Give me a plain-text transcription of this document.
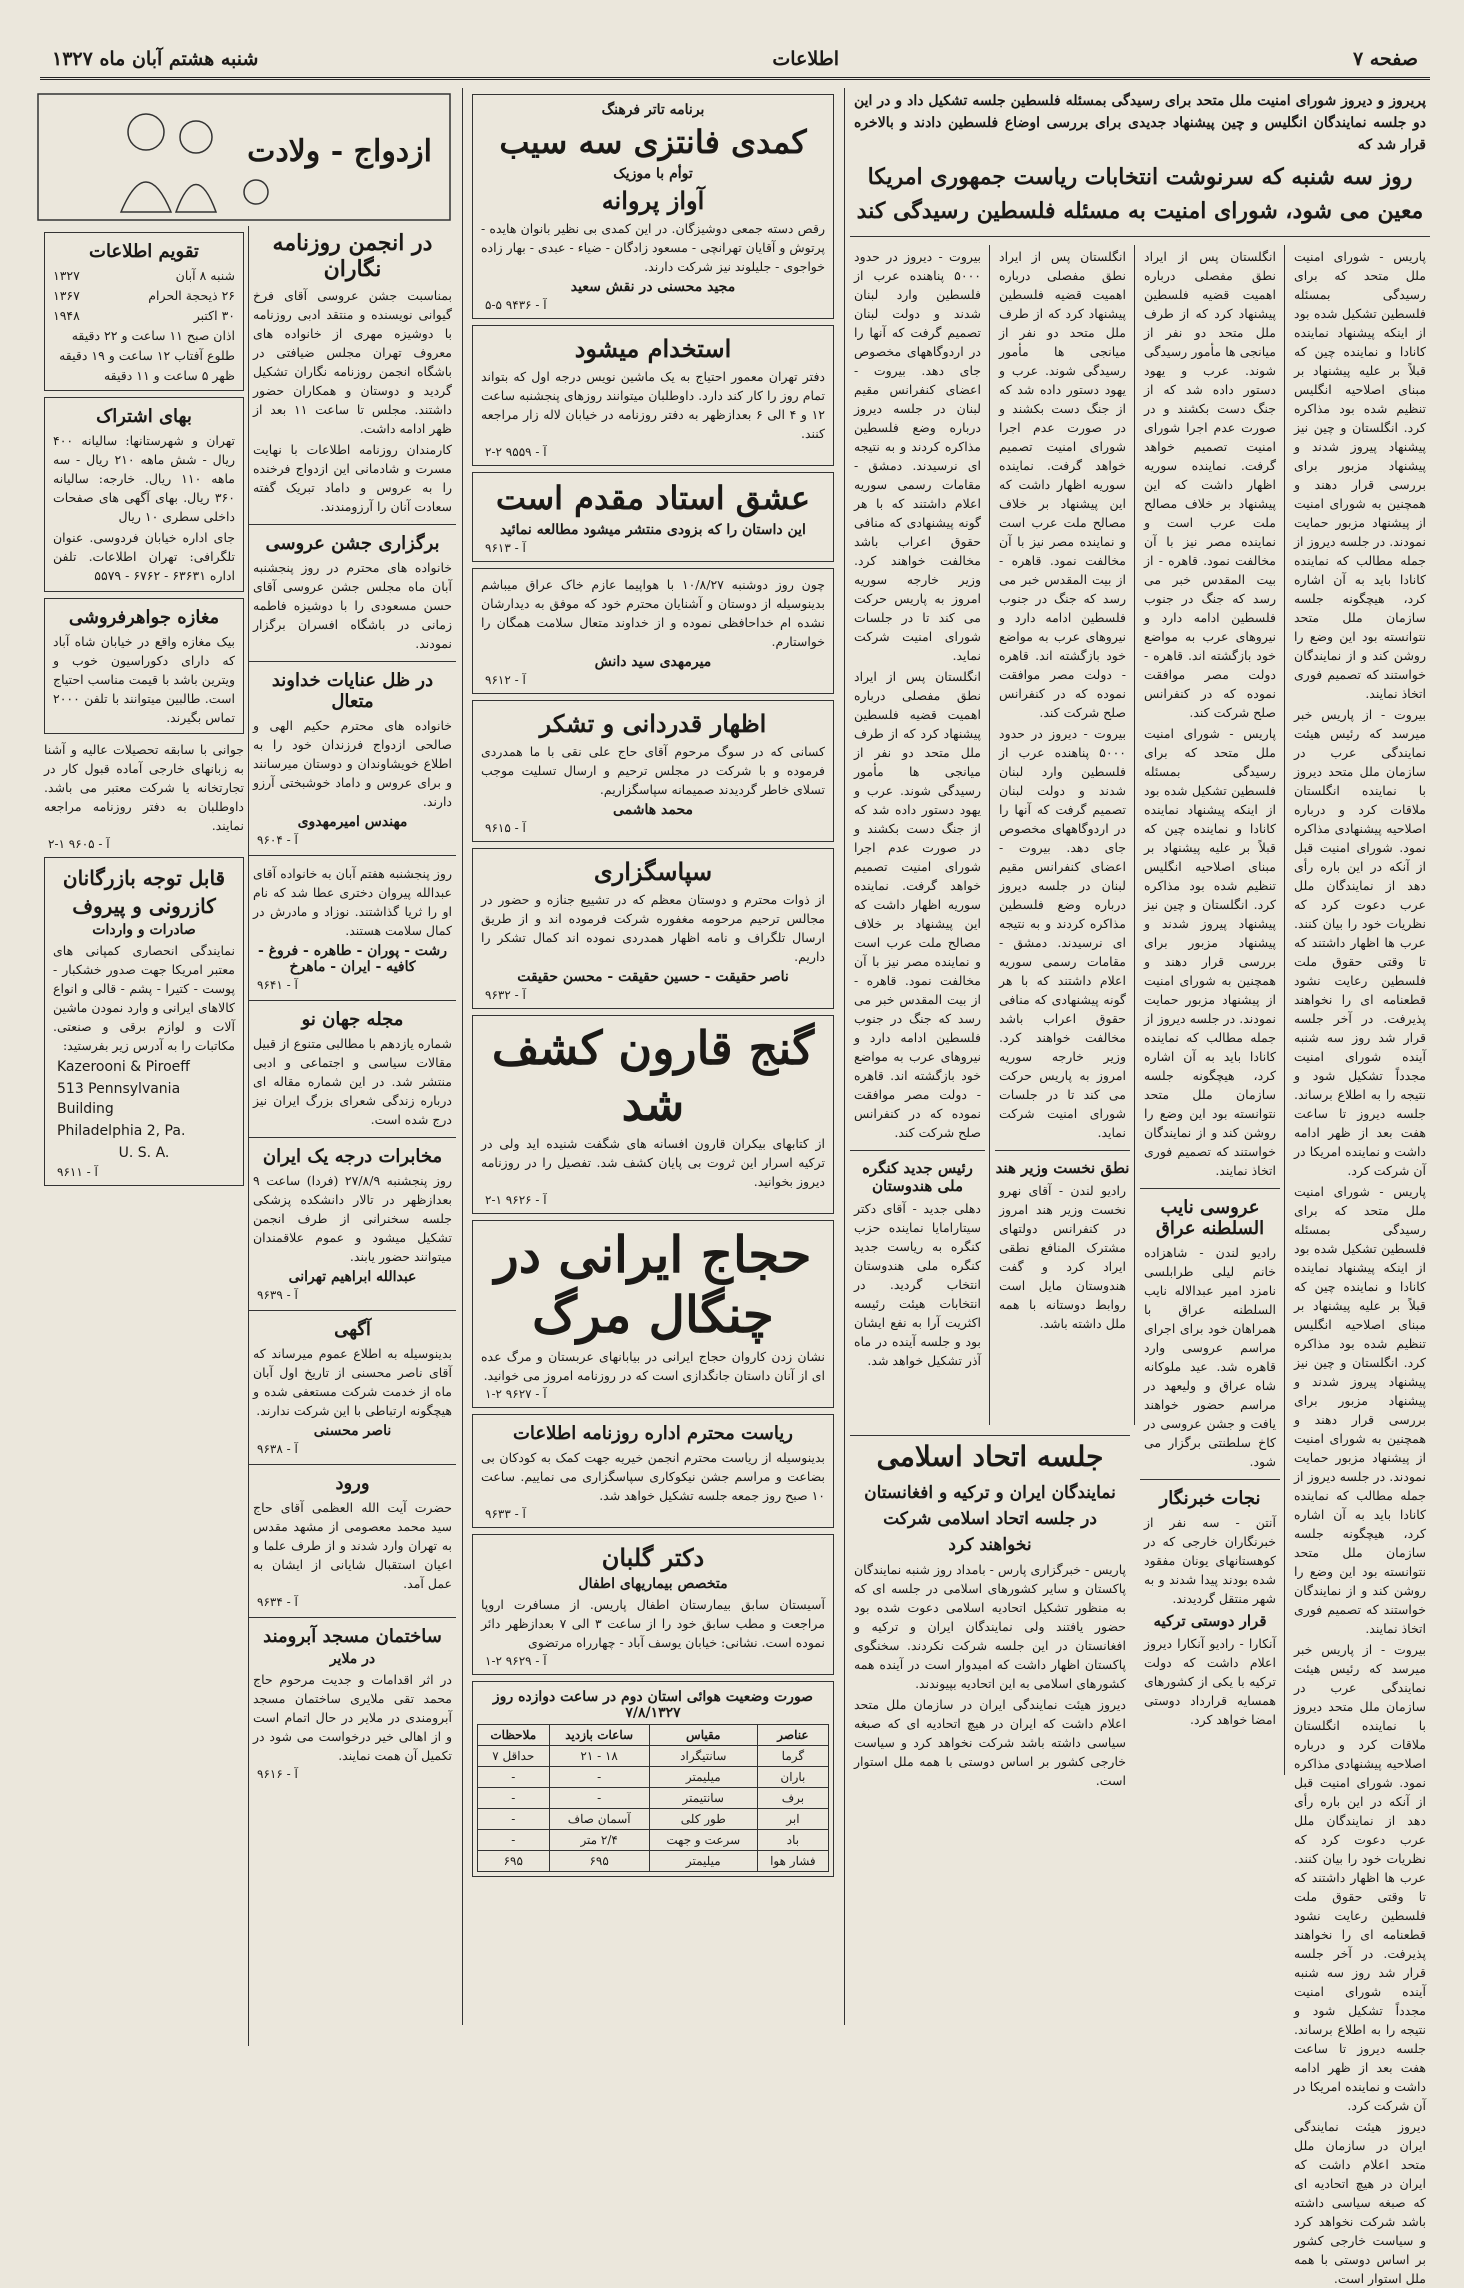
صفحه ۷
اطلاعات
شنبه هشتم آبان ماه ۱۳۲۷

پریروز و دیروز شورای امنیت ملل متحد برای رسیدگی بمسئله فلسطین جلسه تشکیل داد و در این دو جلسه نمایندگان انگلیس و چین پیشنهاد جدیدی برای بررسی اوضاع فلسطین دادند و بالاخره قرار شد که

روز سه شنبه که سرنوشت انتخابات ریاست جمهوری امریکا معین می شود، شورای امنیت به مسئله فلسطین رسیدگی کند

پاریس - شورای امنیت ملل متحد که برای رسیدگی بمسئله فلسطین تشکیل شده بود از اینکه پیشنهاد نماینده کانادا و نماینده چین که قبلاً بر علیه پیشنهاد بر مبنای اصلاحیه انگلیس تنظیم شده بود مذاکره کرد. انگلستان و چین نیز پیشنهاد پیروز شدند و پیشنهاد مزبور برای بررسی قرار دهند و همچنین به شورای امنیت از پیشنهاد مزبور حمایت نمودند. در جلسه دیروز از جمله مطالب که نماینده کانادا باید به آن اشاره کرد، هیچگونه جلسه سازمان ملل متحد نتوانسته بود این وضع را روشن کند و از نمایندگان خواستند که تصمیم فوری اتخاذ نمایند.

بیروت - از پاریس خبر میرسد که رئیس هیئت نمایندگی عرب در سازمان ملل متحد دیروز با نماینده انگلستان ملاقات کرد و درباره اصلاحیه پیشنهادی مذاکره نمود. شورای امنیت قبل از آنکه در این باره رأی دهد از نمایندگان ملل عرب دعوت کرد که نظریات خود را بیان کنند. عرب ها اظهار داشتند که تا وقتی حقوق ملت فلسطین رعایت نشود قطعنامه ای را نخواهند پذیرفت. در آخر جلسه قرار شد روز سه شنبه آینده شورای امنیت مجدداً تشکیل شود و نتیجه را به اطلاع برساند. جلسه دیروز تا ساعت هفت بعد از ظهر ادامه داشت و نماینده امریکا در آن شرکت کرد.

پاریس - شورای امنیت ملل متحد که برای رسیدگی بمسئله فلسطین تشکیل شده بود از اینکه پیشنهاد نماینده کانادا و نماینده چین که قبلاً بر علیه پیشنهاد بر مبنای اصلاحیه انگلیس تنظیم شده بود مذاکره کرد. انگلستان و چین نیز پیشنهاد پیروز شدند و پیشنهاد مزبور برای بررسی قرار دهند و همچنین به شورای امنیت از پیشنهاد مزبور حمایت نمودند. در جلسه دیروز از جمله مطالب که نماینده کانادا باید به آن اشاره کرد، هیچگونه جلسه سازمان ملل متحد نتوانسته بود این وضع را روشن کند و از نمایندگان خواستند که تصمیم فوری اتخاذ نمایند.

بیروت - از پاریس خبر میرسد که رئیس هیئت نمایندگی عرب در سازمان ملل متحد دیروز با نماینده انگلستان ملاقات کرد و درباره اصلاحیه پیشنهادی مذاکره نمود. شورای امنیت قبل از آنکه در این باره رأی دهد از نمایندگان ملل عرب دعوت کرد که نظریات خود را بیان کنند. عرب ها اظهار داشتند که تا وقتی حقوق ملت فلسطین رعایت نشود قطعنامه ای را نخواهند پذیرفت. در آخر جلسه قرار شد روز سه شنبه آینده شورای امنیت مجدداً تشکیل شود و نتیجه را به اطلاع برساند. جلسه دیروز تا ساعت هفت بعد از ظهر ادامه داشت و نماینده امریکا در آن شرکت کرد.

دیروز هیئت نمایندگی ایران در سازمان ملل متحد اعلام داشت که ایران در هیچ اتحادیه ای که صبغه سیاسی داشته باشد شرکت نخواهد کرد و سیاست خارجی کشور بر اساس دوستی با همه ملل استوار است.

انگلستان پس از ایراد نطق مفصلی درباره اهمیت قضیه فلسطین پیشنهاد کرد که از طرف ملل متحد دو نفر از میانجی ها مأمور رسیدگی شوند. عرب و یهود دستور داده شد که از جنگ دست بکشند و در صورت عدم اجرا شورای امنیت تصمیم خواهد گرفت. نماینده سوریه اظهار داشت که این پیشنهاد بر خلاف مصالح ملت عرب است و نماینده مصر نیز با آن مخالفت نمود. قاهره - از بیت المقدس خبر می رسد که جنگ در جنوب فلسطین ادامه دارد و نیروهای عرب به مواضع خود بازگشته اند. قاهره - دولت مصر موافقت نموده که در کنفرانس صلح شرکت کند.

پاریس - شورای امنیت ملل متحد که برای رسیدگی بمسئله فلسطین تشکیل شده بود از اینکه پیشنهاد نماینده کانادا و نماینده چین که قبلاً بر علیه پیشنهاد بر مبنای اصلاحیه انگلیس تنظیم شده بود مذاکره کرد. انگلستان و چین نیز پیشنهاد پیروز شدند و پیشنهاد مزبور برای بررسی قرار دهند و همچنین به شورای امنیت از پیشنهاد مزبور حمایت نمودند. در جلسه دیروز از جمله مطالب که نماینده کانادا باید به آن اشاره کرد، هیچگونه جلسه سازمان ملل متحد نتوانسته بود این وضع را روشن کند و از نمایندگان خواستند که تصمیم فوری اتخاذ نمایند.

عروسی نایب السلطنه عراق

رادیو لندن - شاهزاده خانم لیلی طرابلسی نامزد امیر عبدالاله نایب السلطنه عراق با همراهان خود برای اجرای مراسم عروسی وارد قاهره شد. عید ملوکانه شاه عراق و ولیعهد در مراسم حضور خواهند یافت و جشن عروسی در کاخ سلطنتی برگزار می شود.

نجات خبرنگار

آنتن - سه نفر از خبرنگاران خارجی که در کوهستانهای یونان مفقود شده بودند پیدا شدند و به شهر منتقل گردیدند.

قرار دوستی ترکیه

آنکارا - رادیو آنکارا دیروز اعلام داشت که دولت ترکیه با یکی از کشورهای همسایه قرارداد دوستی امضا خواهد کرد.

انگلستان پس از ایراد نطق مفصلی درباره اهمیت قضیه فلسطین پیشنهاد کرد که از طرف ملل متحد دو نفر از میانجی ها مأمور رسیدگی شوند. عرب و یهود دستور داده شد که از جنگ دست بکشند و در صورت عدم اجرا شورای امنیت تصمیم خواهد گرفت. نماینده سوریه اظهار داشت که این پیشنهاد بر خلاف مصالح ملت عرب است و نماینده مصر نیز با آن مخالفت نمود. قاهره - از بیت المقدس خبر می رسد که جنگ در جنوب فلسطین ادامه دارد و نیروهای عرب به مواضع خود بازگشته اند. قاهره - دولت مصر موافقت نموده که در کنفرانس صلح شرکت کند.

بیروت - دیروز در حدود ۵۰۰۰ پناهنده عرب از فلسطین وارد لبنان شدند و دولت لبنان تصمیم گرفت که آنها را در اردوگاههای مخصوص جای دهد. بیروت - اعضای کنفرانس مقیم لبنان در جلسه دیروز درباره وضع فلسطین مذاکره کردند و به نتیجه ای نرسیدند. دمشق - مقامات رسمی سوریه اعلام داشتند که با هر گونه پیشنهادی که منافی حقوق اعراب باشد مخالفت خواهند کرد. وزیر خارجه سوریه امروز به پاریس حرکت می کند تا در جلسات شورای امنیت شرکت نماید.

نطق نخست وزیر هند

رادیو لندن - آقای نهرو نخست وزیر هند امروز در کنفرانس دولتهای مشترک المنافع نطقی ایراد کرد و گفت هندوستان مایل است روابط دوستانه با همه ملل داشته باشد.

بیروت - دیروز در حدود ۵۰۰۰ پناهنده عرب از فلسطین وارد لبنان شدند و دولت لبنان تصمیم گرفت که آنها را در اردوگاههای مخصوص جای دهد. بیروت - اعضای کنفرانس مقیم لبنان در جلسه دیروز درباره وضع فلسطین مذاکره کردند و به نتیجه ای نرسیدند. دمشق - مقامات رسمی سوریه اعلام داشتند که با هر گونه پیشنهادی که منافی حقوق اعراب باشد مخالفت خواهند کرد. وزیر خارجه سوریه امروز به پاریس حرکت می کند تا در جلسات شورای امنیت شرکت نماید.

انگلستان پس از ایراد نطق مفصلی درباره اهمیت قضیه فلسطین پیشنهاد کرد که از طرف ملل متحد دو نفر از میانجی ها مأمور رسیدگی شوند. عرب و یهود دستور داده شد که از جنگ دست بکشند و در صورت عدم اجرا شورای امنیت تصمیم خواهد گرفت. نماینده سوریه اظهار داشت که این پیشنهاد بر خلاف مصالح ملت عرب است و نماینده مصر نیز با آن مخالفت نمود. قاهره - از بیت المقدس خبر می رسد که جنگ در جنوب فلسطین ادامه دارد و نیروهای عرب به مواضع خود بازگشته اند. قاهره - دولت مصر موافقت نموده که در کنفرانس صلح شرکت کند.

رئیس جدید کنگره ملی هندوستان

دهلی جدید - آقای دکتر سیتارامایا نماینده حزب کنگره به ریاست جدید کنگره ملی هندوستان انتخاب گردید. در انتخابات هیئت رئیسه اکثریت آرا به نفع ایشان بود و جلسه آینده در ماه آذر تشکیل خواهد شد.

جلسه اتحاد اسلامی
نمایندگان ایران و ترکیه و افغانستان در جلسه اتحاد اسلامی شرکت نخواهند کرد

پاریس - خبرگزاری پارس - بامداد روز شنبه نمایندگان پاکستان و سایر کشورهای اسلامی در جلسه ای که به منظور تشکیل اتحادیه اسلامی دعوت شده بود حضور یافتند ولی نمایندگان ایران و ترکیه و افغانستان در این جلسه شرکت نکردند. سخنگوی پاکستان اظهار داشت که امیدوار است در آینده همه کشورهای اسلامی به این اتحادیه بپیوندند.

دیروز هیئت نمایندگی ایران در سازمان ملل متحد اعلام داشت که ایران در هیچ اتحادیه ای که صبغه سیاسی داشته باشد شرکت نخواهد کرد و سیاست خارجی کشور بر اساس دوستی با همه ملل استوار است.

برنامه تاتر فرهنگ
کمدی فانتزی سه سیب
توأم با موزیک
آواز پروانه

رقص دسته جمعی دوشیزگان. در این کمدی بی نظیر بانوان هایده - پرتوش و آقایان تهرانچی - مسعود زادگان - ضیاء - عبدی - بهار زاده خواجوی - جلیلوند نیز شرکت دارند.

مجید محسنی در نقش سعید
آ - ۹۴۳۶ ۵-۵
استخدام میشود

دفتر تهران معمور احتیاج به یک ماشین نویس درجه اول که بتواند تمام روز را کار کند دارد. داوطلبان میتوانند روزهای پنجشنبه ساعت ۱۲ و ۴ الی ۶ بعدازظهر به دفتر روزنامه در خیابان لاله زار مراجعه کنند.

آ - ۹۵۵۹ ۲-۲
عشق استاد مقدم است
این داستان را که بزودی منتشر میشود مطالعه نمائید
آ - ۹۶۱۳

چون روز دوشنبه ۱۰/۸/۲۷ با هواپیما عازم خاک عراق میباشم بدینوسیله از دوستان و آشنایان محترم خود که موفق به دیدارشان نشده ام خداحافظی نموده و از خداوند متعال سلامت همگان را خواستارم.

میرمهدی سید دانش
آ - ۹۶۱۲
اظهار قدردانی و تشکر

کسانی که در سوگ مرحوم آقای حاج علی نقی با ما همدردی فرموده و با شرکت در مجلس ترحیم و ارسال تسلیت موجب تسلای خاطر گردیدند صمیمانه سپاسگزاریم.

محمد هاشمی
آ - ۹۶۱۵
سپاسگزاری

از ذوات محترم و دوستان معظم که در تشییع جنازه و حضور در مجالس ترحیم مرحومه مغفوره شرکت فرموده اند و از طریق ارسال تلگراف و نامه اظهار همدردی نموده اند کمال تشکر را داریم.

ناصر حقیقت - حسین حقیقت - محسن حقیقت
آ - ۹۶۳۲
گنج قارون کشف شد

از کتابهای بیکران قارون افسانه های شگفت شنیده اید ولی در ترکیه اسرار این ثروت بی پایان کشف شد. تفصیل را در روزنامه دیروز بخوانید.

آ - ۹۶۲۶ ۱-۲
حجاج ایرانی در چنگال مرگ

نشان زدن کاروان حجاج ایرانی در بیابانهای عربستان و مرگ عده ای از آنان داستان جانگدازی است که در روزنامه امروز می خوانید.

آ - ۹۶۲۷ ۲-۱
ریاست محترم اداره روزنامه اطلاعات

بدینوسیله از ریاست محترم انجمن خیریه جهت کمک به کودکان بی بضاعت و مراسم جشن نیکوکاری سپاسگزاری می نماییم. ساعت ۱۰ صبح روز جمعه جلسه تشکیل خواهد شد.

آ - ۹۶۳۳
دکتر گلبان
متخصص بیماریهای اطفال

آسیستان سابق بیمارستان اطفال پاریس. از مسافرت اروپا مراجعت و مطب سابق خود را از ساعت ۳ الی ۷ بعدازظهر دائر نموده است. نشانی: خیابان یوسف آباد - چهارراه مرتضوی

آ - ۹۶۲۹ ۲-۱
صورت وضعیت هوائی استان دوم در ساعت دوازده روز ۷/۸/۱۳۲۷
عناصر	مقیاس	ساعات بازدید	ملاحظات
گرما	سانتیگراد	۱۸ - ۲۱	حداقل ۷
باران	میلیمتر	-	-
برف	سانتیمتر	-	-
ابر	طور کلی	آسمان صاف	-
باد	سرعت و جهت	۲/۴ متر	-
فشار هوا	میلیمتر	۶۹۵	۶۹۵
ازدواج - ولادت
در انجمن روزنامه نگاران

بمناسبت جشن عروسی آقای فرخ گیوانی نویسنده و منتقد ادبی روزنامه با دوشیزه مهری از خانواده های معروف تهران مجلس ضیافتی در باشگاه انجمن روزنامه نگاران تشکیل گردید و دوستان و همکاران حضور داشتند. مجلس تا ساعت ۱۱ بعد از ظهر ادامه داشت.

کارمندان روزنامه اطلاعات با نهایت مسرت و شادمانی این ازدواج فرخنده را به عروس و داماد تبریک گفته سعادت آنان را آرزومندند.

برگزاری جشن عروسی

خانواده های محترم در روز پنجشنبه آبان ماه مجلس جشن عروسی آقای حسن مسعودی را با دوشیزه فاطمه زمانی در باشگاه افسران برگزار نمودند.

در ظل عنایات خداوند متعال

خانواده های محترم حکیم الهی و صالحی ازدواج فرزندان خود را به اطلاع خویشاوندان و دوستان میرسانند و برای عروس و داماد خوشبختی آرزو دارند.

مهندس امیرمهدوی
آ - ۹۶۰۴

روز پنجشنبه هفتم آبان به خانواده آقای عبدالله پیروان دختری عطا شد که نام او را ثریا گذاشتند. نوزاد و مادرش در کمال سلامت هستند.

رشت - پوران - طاهره - فروغ - کافیه - ایران - ماهرخ
آ - ۹۶۴۱
مجله جهان نو

شماره یازدهم با مطالبی متنوع از قبیل مقالات سیاسی و اجتماعی و ادبی منتشر شد. در این شماره مقاله ای درباره زندگی شعرای بزرگ ایران نیز درج شده است.

مخابرات درجه یک ایران

روز پنجشنبه ۲۷/۸/۹ (فردا) ساعت ۹ بعدازظهر در تالار دانشکده پزشکی جلسه سخنرانی از طرف انجمن تشکیل میشود و عموم علاقمندان میتوانند حضور یابند.

عبدالله ابراهیم تهرانی
آ - ۹۶۳۹
آگهی

بدینوسیله به اطلاع عموم میرساند که آقای ناصر محسنی از تاریخ اول آبان ماه از خدمت شرکت مستعفی شده و هیچگونه ارتباطی با این شرکت ندارند.

ناصر محسنی
آ - ۹۶۳۸
ورود

حضرت آیت الله العظمی آقای حاج سید محمد معصومی از مشهد مقدس به تهران وارد شدند و از طرف علما و اعیان استقبال شایانی از ایشان به عمل آمد.

آ - ۹۶۳۴
ساختمان مسجد آبرومند
در ملایر

در اثر اقدامات و جدیت مرحوم حاج محمد تقی ملایری ساختمان مسجد آبرومندی در ملایر در حال اتمام است و از اهالی خیر درخواست می شود در تکمیل آن همت نمایند.

آ - ۹۶۱۶
تقویم اطلاعات
شنبه ۸ آبان
۱۳۲۷
۲۶ ذیحجة الحرام
۱۳۶۷
۳۰ اکتبر
۱۹۴۸
اذان صبح ۱۱ ساعت و ۲۲ دقیقه
طلوع آفتاب ۱۲ ساعت و ۱۹ دقیقه
ظهر ۵ ساعت و ۱۱ دقیقه
بهای اشتراک

تهران و شهرستانها: سالیانه ۴۰۰ ریال - شش ماهه ۲۱۰ ریال - سه ماهه ۱۱۰ ریال. خارجه: سالیانه ۳۶۰ ریال. بهای آگهی های صفحات داخلی سطری ۱۰ ریال

جای اداره خیابان فردوسی. عنوان تلگرافی: تهران اطلاعات. تلفن اداره ۶۳۶۳۱ - ۶۷۶۲ - ۵۵۷۹

مغازه جواهرفروشی

بیک مغازه واقع در خیابان شاه آباد که دارای دکوراسیون خوب و ویترین باشد با قیمت مناسب احتیاج است. طالبین میتوانند با تلفن ۲۰۰۰ تماس بگیرند.

جوانی با سابقه تحصیلات عالیه و آشنا به زبانهای خارجی آماده قبول کار در تجارتخانه یا شرکت معتبر می باشد. داوطلبان به دفتر روزنامه مراجعه نمایند.

آ - ۹۶۰۵ ۱-۲
قابل توجه بازرگانان
کازرونی و پیروف
صادرات و واردات

نمایندگی انحصاری کمپانی های معتبر امریکا جهت صدور خشکبار - پوست - کتیرا - پشم - قالی و انواع کالاهای ایرانی و وارد نمودن ماشین آلات و لوازم برقی و صنعتی. مکاتبات را به آدرس زیر بفرستید:

Kazerooni & Piroeff
513 Pennsylvania Building
Philadelphia 2, Pa.
U. S. A.
آ - ۹۶۱۱
